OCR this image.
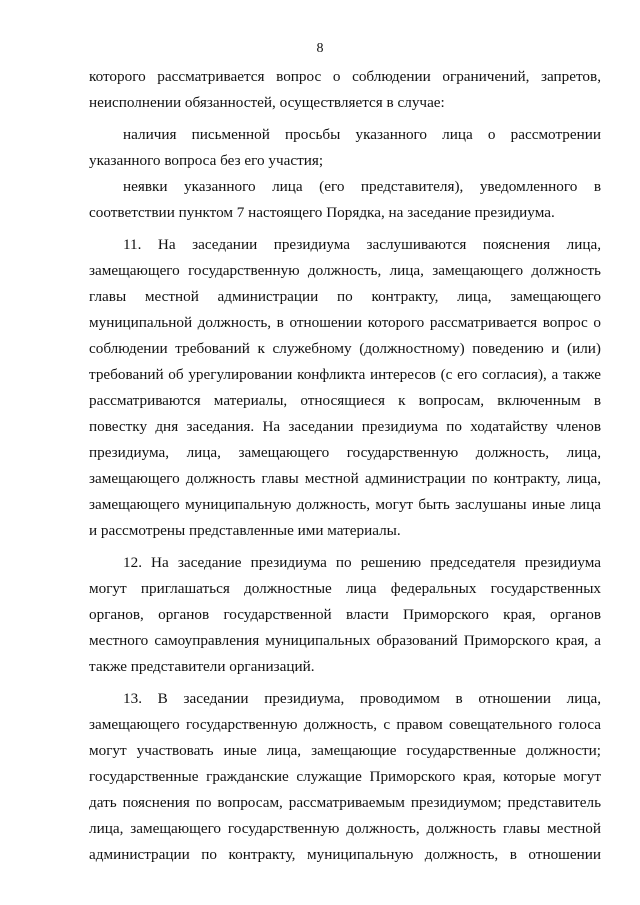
8

которого рассматривается вопрос о соблюдении ограничений, запретов, неисполнении обязанностей, осуществляется в случае:

наличия письменной просьбы указанного лица о рассмотрении указанного вопроса без его участия;

неявки указанного лица (его представителя), уведомленного в соответствии пунктом 7 настоящего Порядка, на заседание президиума.

11. На заседании президиума заслушиваются пояснения лица, замещающего государственную должность, лица, замещающего должность главы местной администрации по контракту, лица, замещающего муниципальной должность, в отношении которого рассматривается вопрос о соблюдении требований к служебному (должностному) поведению и (или) требований об урегулировании конфликта интересов (с его согласия), а также рассматриваются материалы, относящиеся к вопросам, включенным в повестку дня заседания. На заседании президиума по ходатайству членов президиума, лица, замещающего государственную должность, лица, замещающего должность главы местной администрации по контракту, лица, замещающего муниципальную должность, могут быть заслушаны иные лица и рассмотрены представленные ими материалы.

12. На заседание президиума по решению председателя президиума могут приглашаться должностные лица федеральных государственных органов, органов государственной власти Приморского края, органов местного самоуправления муниципальных образований Приморского края, а также представители организаций.

13. В заседании президиума, проводимом в отношении лица, замещающего государственную должность, с правом совещательного голоса могут участвовать иные лица, замещающие государственные должности; государственные гражданские служащие Приморского края, которые могут дать пояснения по вопросам, рассматриваемым президиумом; представитель лица, замещающего государственную должность, должность главы местной администрации по контракту, муниципальную должность, в отношении
